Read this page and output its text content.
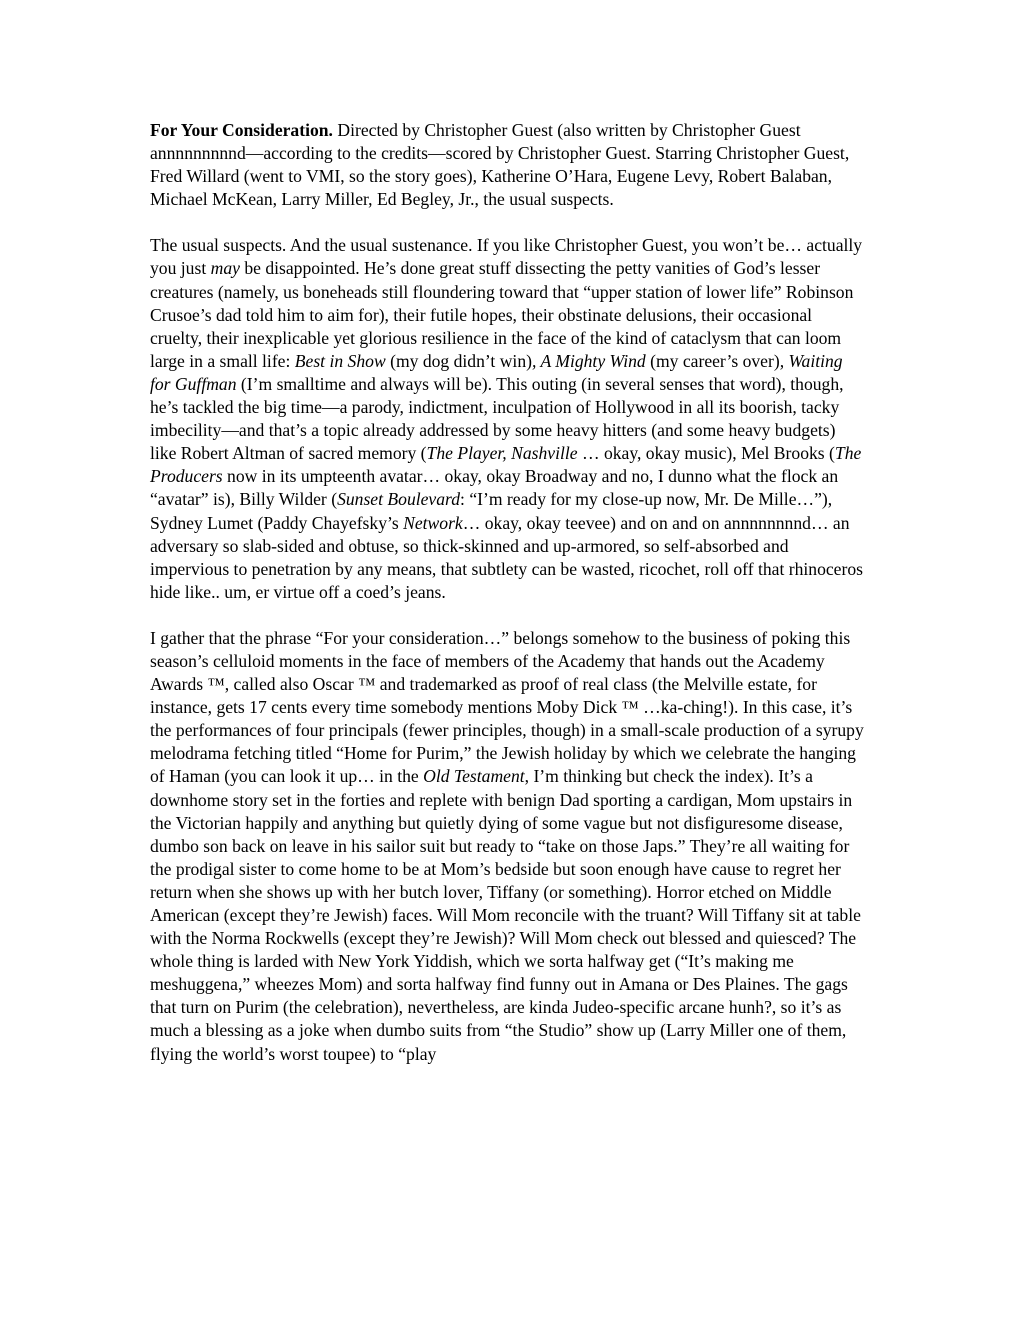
For Your Consideration. Directed by Christopher Guest (also written by Christopher Guest annnnnnnnnd—according to the credits—scored by Christopher Guest. Starring Christopher Guest, Fred Willard (went to VMI, so the story goes), Katherine O’Hara, Eugene Levy, Robert Balaban, Michael McKean, Larry Miller, Ed Begley, Jr., the usual suspects.

The usual suspects. And the usual sustenance. If you like Christopher Guest, you won’t be… actually you just may be disappointed. He’s done great stuff dissecting the petty vanities of God’s lesser creatures (namely, us boneheads still floundering toward that “upper station of lower life” Robinson Crusoe’s dad told him to aim for), their futile hopes, their obstinate delusions, their occasional cruelty, their inexplicable yet glorious resilience in the face of the kind of cataclysm that can loom large in a small life: Best in Show (my dog didn’t win), A Mighty Wind (my career’s over), Waiting for Guffman (I’m smalltime and always will be). This outing (in several senses that word), though, he’s tackled the big time—a parody, indictment, inculpation of Hollywood in all its boorish, tacky imbecility—and that’s a topic already addressed by some heavy hitters (and some heavy budgets) like Robert Altman of sacred memory (The Player, Nashville … okay, okay music), Mel Brooks (The Producers now in its umpteenth avatar… okay, okay Broadway and no, I dunno what the flock an “avatar” is), Billy Wilder (Sunset Boulevard: “I’m ready for my close-up now, Mr. De Mille…”), Sydney Lumet (Paddy Chayefsky’s Network… okay, okay teevee) and on and on annnnnnnnd… an adversary so slab-sided and obtuse, so thick-skinned and up-armored, so self-absorbed and impervious to penetration by any means, that subtlety can be wasted, ricochet, roll off that rhinoceros hide like.. um, er virtue off a coed’s jeans.

I gather that the phrase “For your consideration…” belongs somehow to the business of poking this season’s celluloid moments in the face of members of the Academy that hands out the Academy Awards ™, called also Oscar ™ and trademarked as proof of real class (the Melville estate, for instance, gets 17 cents every time somebody mentions Moby Dick ™ …ka-ching!). In this case, it’s the performances of four principals (fewer principles, though) in a small-scale production of a syrupy melodrama fetching titled “Home for Purim,” the Jewish holiday by which we celebrate the hanging of Haman (you can look it up… in the Old Testament, I’m thinking but check the index). It’s a downhome story set in the forties and replete with benign Dad sporting a cardigan, Mom upstairs in the Victorian happily and anything but quietly dying of some vague but not disfiguresome disease, dumbo son back on leave in his sailor suit but ready to “take on those Japs.” They’re all waiting for the prodigal sister to come home to be at Mom’s bedside but soon enough have cause to regret her return when she shows up with her butch lover, Tiffany (or something). Horror etched on Middle American (except they’re Jewish) faces. Will Mom reconcile with the truant? Will Tiffany sit at table with the Norma Rockwells (except they’re Jewish)? Will Mom check out blessed and quiesced? The whole thing is larded with New York Yiddish, which we sorta halfway get (“It’s making me meshuggena,” wheezes Mom) and sorta halfway find funny out in Amana or Des Plaines. The gags that turn on Purim (the celebration), nevertheless, are kinda Judeo-specific arcane hunh?, so it’s as much a blessing as a joke when dumbo suits from “the Studio” show up (Larry Miller one of them, flying the world’s worst toupee) to “play
